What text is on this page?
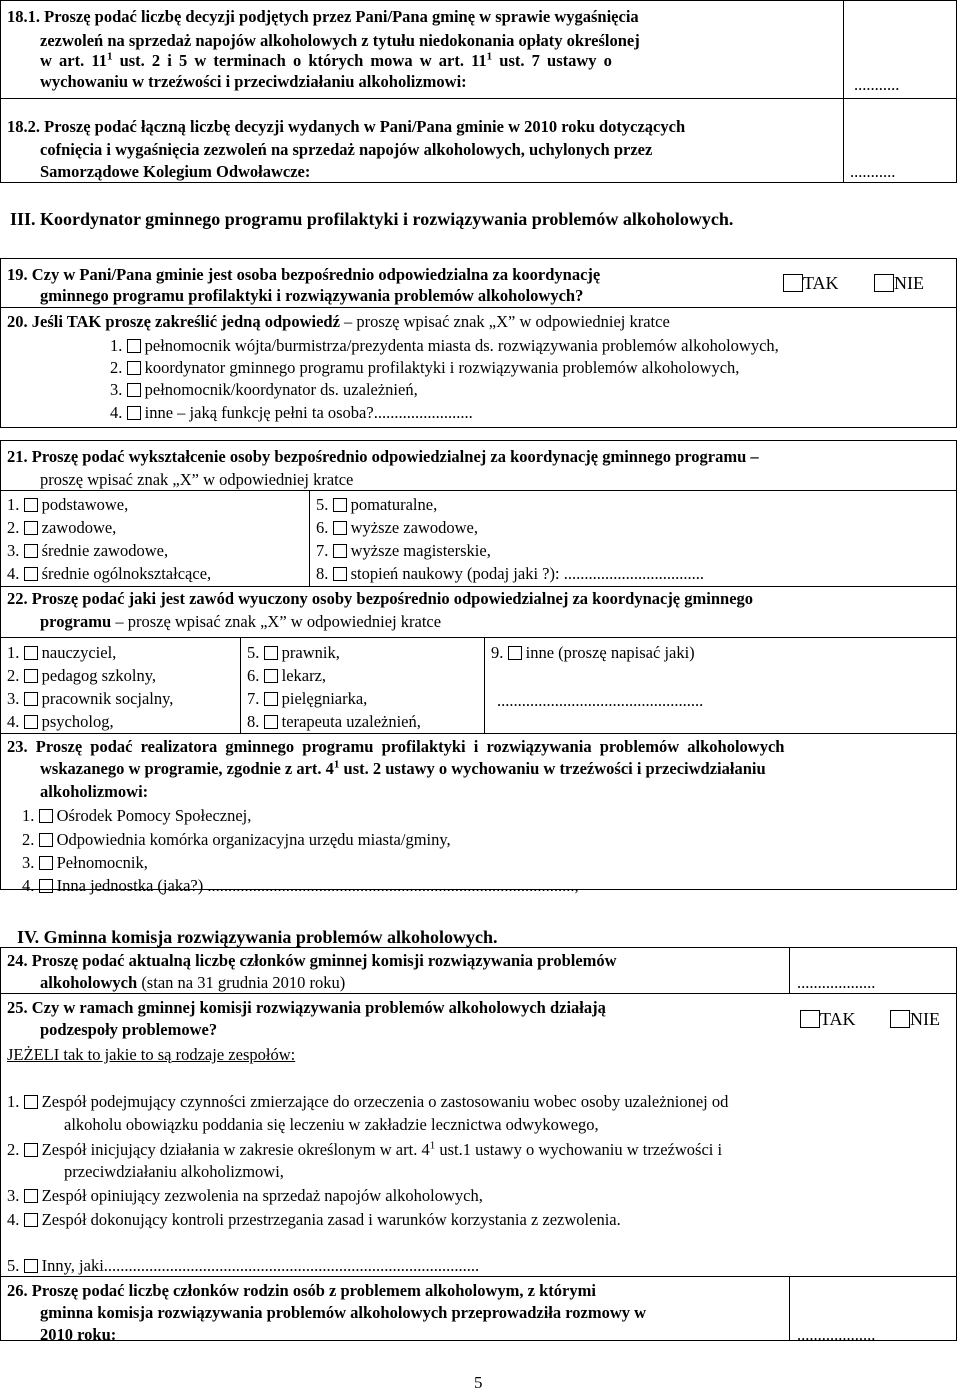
18.1. Proszę podać liczbę decyzji podjętych przez Pani/Pana gminę w sprawie wygaśnięcia
zezwoleń na sprzedaż napojów alkoholowych z tytułu niedokonania opłaty określonej
w art. $11^1$ ust. 2 i 5 w terminach o których mowa w art. $11^1$ ust. 7 ustawy o
wychowaniu w trzeźwości i przeciwdziałaniu alkoholizmowi:	...........
18.2. Proszę podać łączną liczbę decyzji wydanych w Pani/Pana gminie w 2010 roku dotyczących
cofnięcia i wygaśnięcia zezwoleń na sprzedaż napojów alkoholowych, uchylonych przez
Samorządowe Kolegium Odwoławcze:	...........
III. Koordynator gminnego programu profilaktyki i rozwiązywania problemów alkoholowych.
19. Czy w Pani/Pana gminie jest osoba bezpośrednio odpowiedzialna za koordynację
gminnego programu profilaktyki i rozwiązywania problemów alkoholowych?
TAK	NIE
20. Jeśli TAK proszę zakreślić jedną odpowiedź – proszę wpisać znak „X” w odpowiedniej kratce
1. pełnomocnik wójta/burmistrza/prezydenta miasta ds. rozwiązywania problemów alkoholowych,
2. koordynator gminnego programu profilaktyki i rozwiązywania problemów alkoholowych,
3. pełnomocnik/koordynator ds. uzależnień,
4. inne – jaką funkcję pełni ta osoba?........................
21. Proszę podać wykształcenie osoby bezpośrednio odpowiedzialnej za koordynację gminnego programu –
proszę wpisać znak „X” w odpowiedniej kratce
1. podstawowe,
2. zawodowe,
3. średnie zawodowe,
4. średnie ogólnokształcące,
5. pomaturalne,
6. wyższe zawodowe,
7. wyższe magisterskie,
8. stopień naukowy (podaj jaki ?): ..................................
22. Proszę podać jaki jest zawód wyuczony osoby bezpośrednio odpowiedzialnej za koordynację gminnego
programu – proszę wpisać znak „X” w odpowiedniej kratce
1. nauczyciel,
2. pedagog szkolny,
3. pracownik socjalny,
4. psycholog,
5. prawnik,
6. lekarz,
7. pielęgniarka,
8. terapeuta uzależnień,
9. inne (proszę napisać jaki)
..................................................
23. Proszę podać realizatora gminnego programu profilaktyki i rozwiązywania problemów alkoholowych
wskazanego w programie, zgodnie z art. $4^1$ ust. 2 ustawy o wychowaniu w trzeźwości i przeciwdziałaniu
alkoholizmowi:
1. Ośrodek Pomocy Społecznej,
2. Odpowiednia komórka organizacyjna urzędu miasta/gminy,
3. Pełnomocnik,
4. Inna jednostka (jaka?) .........................................................................................,
IV. Gminna komisja rozwiązywania problemów alkoholowych.
24. Proszę podać aktualną liczbę członków gminnej komisji rozwiązywania problemów
alkoholowych (stan na 31 grudnia 2010 roku)	...................
25. Czy w ramach gminnej komisji rozwiązywania problemów alkoholowych działają
podzespoły problemowe?
TAK	NIE
JEŻELI tak to jakie to są rodzaje zespołów:
1. Zespół podejmujący czynności zmierzające do orzeczenia o zastosowaniu wobec osoby uzależnionej od
alkoholu obowiązku poddania się leczeniu w zakładzie lecznictwa odwykowego,
2. Zespół inicjujący działania w zakresie określonym w art. $4^1$ ust.1 ustawy o wychowaniu w trzeźwości i
przeciwdziałaniu alkoholizmowi,
3. Zespół opiniujący zezwolenia na sprzedaż napojów alkoholowych,
4. Zespół dokonujący kontroli przestrzegania zasad i warunków korzystania z zezwolenia.
5. Inny, jaki...........................................................................................
26. Proszę podać liczbę członków rodzin osób z problemem alkoholowym, z którymi
gminna komisja rozwiązywania problemów alkoholowych przeprowadziła rozmowy w
2010 roku:	...................
5
